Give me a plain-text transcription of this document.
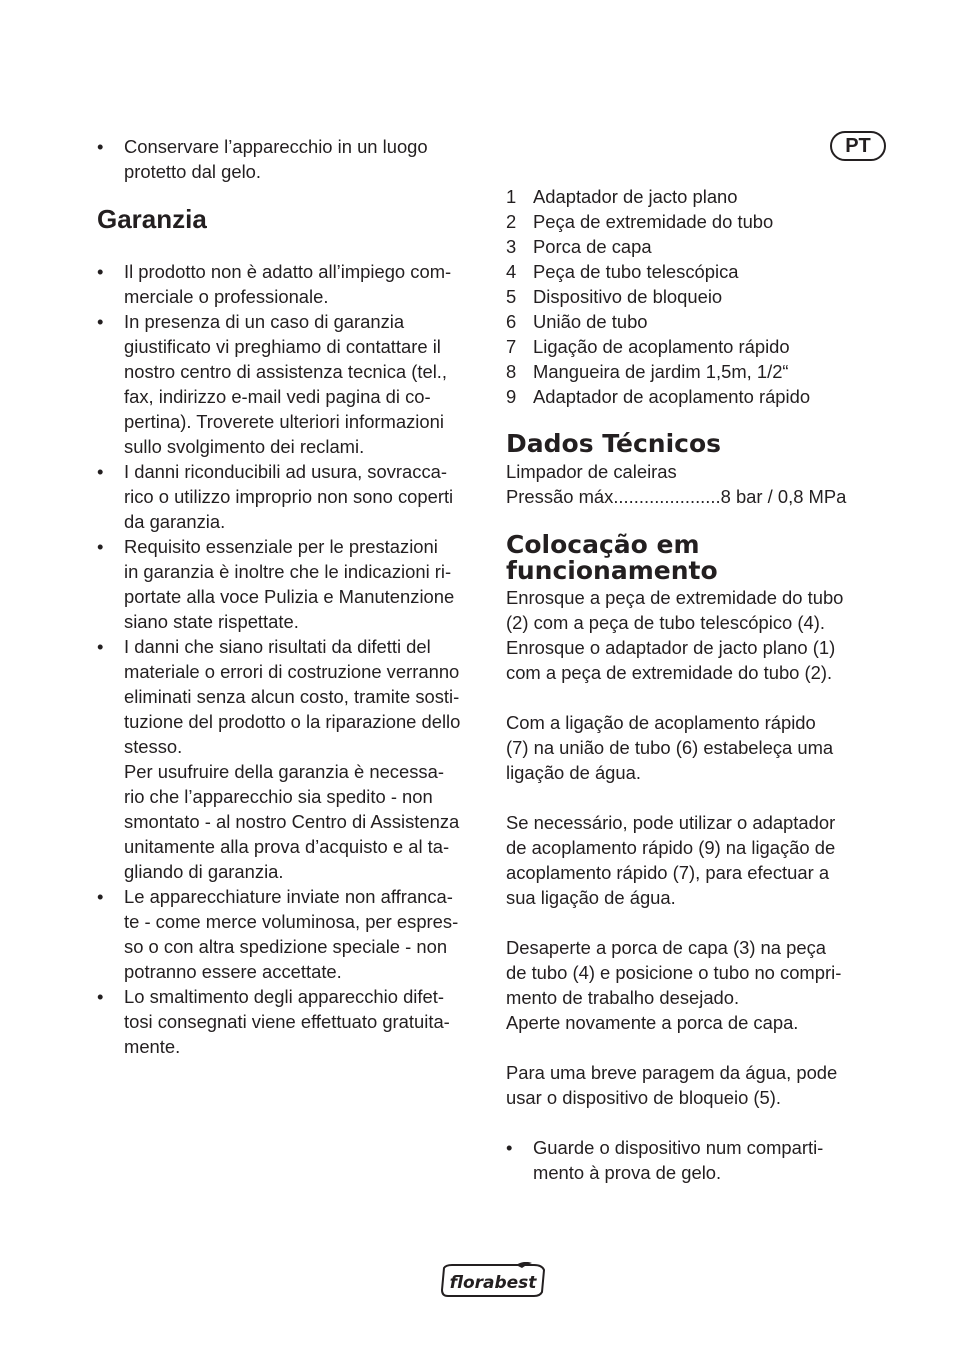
PT
• Conservare l’apparecchio in un luogo
protetto dal gelo.
Garanzia
• Il prodotto non è adatto all’impiego com-
merciale o professionale.
• In presenza di un caso di garanzia
giustificato vi preghiamo di contattare il
nostro centro di assistenza tecnica (tel.,
fax, indirizzo e-mail vedi pagina di co-
pertina). Troverete ulteriori informazioni
sullo svolgimento dei reclami.
• I danni riconducibili ad usura, sovracca-
rico o utilizzo improprio non sono coperti
da garanzia.
• Requisito essenziale per le prestazioni
in garanzia è inoltre che le indicazioni ri-
portate alla voce Pulizia e Manutenzione
siano state rispettate.
• I danni che siano risultati da difetti del
materiale o errori di costruzione verranno
eliminati senza alcun costo, tramite sosti-
tuzione del prodotto o la riparazione dello
stesso.
Per usufruire della garanzia è necessa-
rio che l’apparecchio sia spedito - non
smontato - al nostro Centro di Assistenza
unitamente alla prova d’acquisto e al ta-
gliando di garanzia.
• Le apparecchiature inviate non affranca-
te - come merce voluminosa, per espres-
so o con altra spedizione speciale - non
potranno essere accettate.
• Lo smaltimento degli apparecchio difet-
tosi consegnati viene effettuato gratuita-
mente.
1 Adaptador de jacto plano
2 Peça de extremidade do tubo
3 Porca de capa
4 Peça de tubo telescópica
5 Dispositivo de bloqueio
6 União de tubo
7 Ligação de acoplamento rápido
8 Mangueira de jardim 1,5m, 1/2“
9 Adaptador de acoplamento rápido
Dados Técnicos
Limpador de caleiras
Pressão máx.....................8 bar / 0,8 MPa
Colocação em
funcionamento
Enrosque a peça de extremidade do tubo
(2) com a peça de tubo telescópico (4).
Enrosque o adaptador de jacto plano (1)
com a peça de extremidade do tubo (2).
Com a ligação de acoplamento rápido
(7) na união de tubo (6) estabeleça uma
ligação de água.
Se necessário, pode utilizar o adaptador
de acoplamento rápido (9) na ligação de
acoplamento rápido (7), para efectuar a
sua ligação de água.
Desaperte a porca de capa (3) na peça
de tubo (4) e posicione o tubo no compri-
mento de trabalho desejado.
Aperte novamente a porca de capa.
Para uma breve paragem da água, pode
usar o dispositivo de bloqueio (5).
• Guarde o dispositivo num comparti-
mento à prova de gelo.
florabest
